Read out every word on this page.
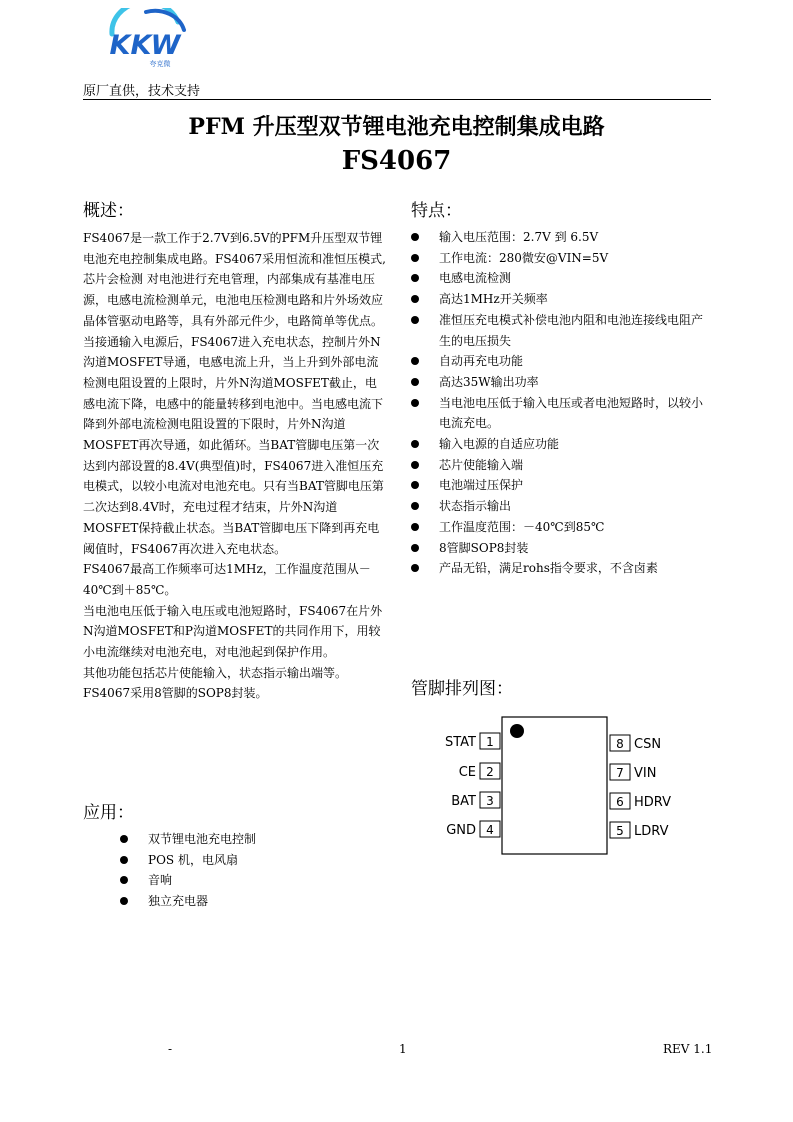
KKW
夸克微
原厂直供，技术支持
PFM 升压型双节锂电池充电控制集成电路
FS4067
概述：

FS4067是一款工作于2.7V到6.5V的PFM升压型双节锂电池充电控制集成电路。FS4067采用恒流和准恒压模式, 芯片会检测 对电池进行充电管理，内部集成有基准电压源，电感电流检测单元，电池电压检测电路和片外场效应晶体管驱动电路等，具有外部元件少，电路简单等优点。

当接通输入电源后，FS4067进入充电状态，控制片外N沟道MOSFET导通，电感电流上升，当上升到外部电流检测电阻设置的上限时，片外N沟道MOSFET截止，电感电流下降，电感中的能量转移到电池中。当电感电流下降到外部电流检测电阻设置的下限时，片外N沟道MOSFET再次导通，如此循环。当BAT管脚电压第一次达到内部设置的8.4V(典型值)时，FS4067进入准恒压充电模式，以较小电流对电池充电。只有当BAT管脚电压第二次达到8.4V时，充电过程才结束，片外N沟道MOSFET保持截止状态。当BAT管脚电压下降到再充电阈值时，FS4067再次进入充电状态。

FS4067最高工作频率可达1MHz，工作温度范围从－40℃到＋85℃。

当电池电压低于输入电压或电池短路时，FS4067在片外N沟道MOSFET和P沟道MOSFET的共同作用下，用较小电流继续对电池充电，对电池起到保护作用。

其他功能包括芯片使能输入，状态指示输出端等。

FS4067采用8管脚的SOP8封装。

特点：
输入电压范围：2.7V 到 6.5V
工作电流：280微安@VIN=5V
电感电流检测
高达1MHz开关频率
准恒压充电模式补偿电池内阻和电池连接线电阻产生的电压损失
自动再充电功能
高达35W输出功率
当电池电压低于输入电压或者电池短路时，以较小电流充电。
输入电源的自适应功能
芯片使能输入端
电池端过压保护
状态指示输出
工作温度范围：－40℃到85℃
8管脚SOP8封装
产品无铅，满足rohs指令要求，不含卤素
管脚排列图：
1
STAT
2
CE
3
BAT
4
GND
8 CSN
7 VIN
6 HDRV
5 LDRV
应用：
双节锂电池充电控制
POS 机，电风扇
音响
独立充电器
-	1	REV 1.1
